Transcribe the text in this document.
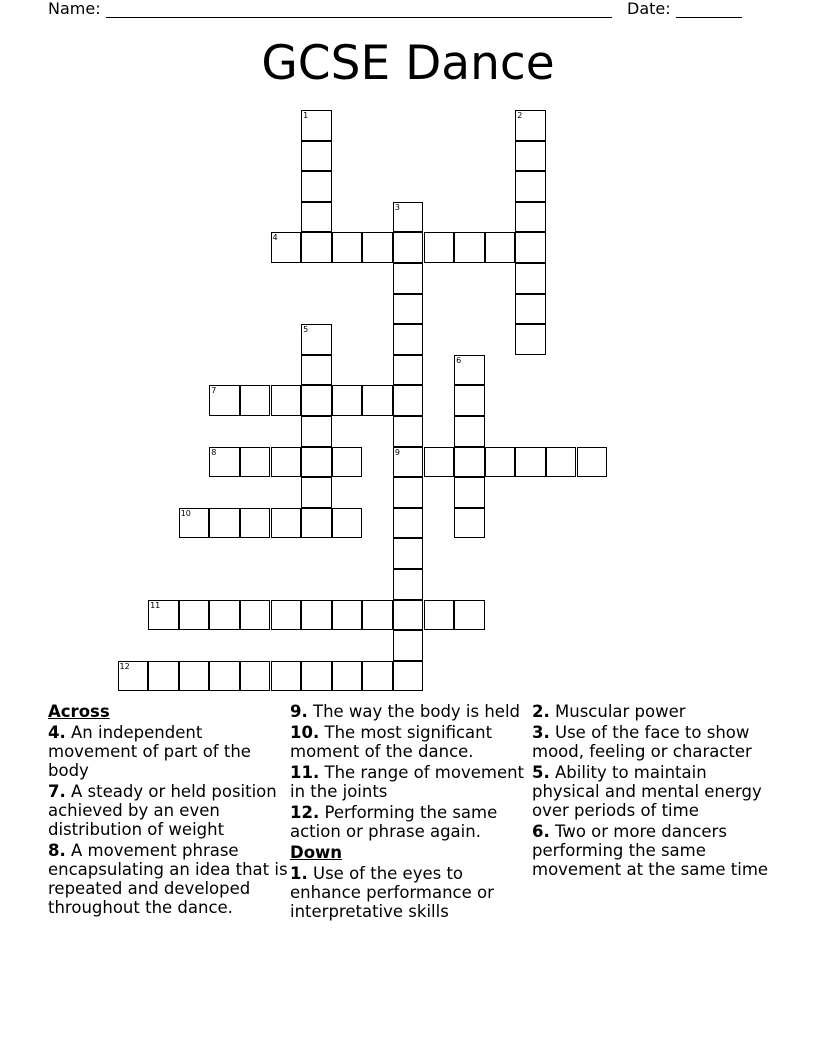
Name:	Date:
GCSE Dance
1	2
3
9
4
5
6
7
8
10
11
12
Across
4. An independent movement of part of the body
7. A steady or held position achieved by an even distribution of weight
8. A movement phrase encapsulating an idea that is repeated and developed throughout the dance.
9. The way the body is held
10. The most significant moment of the dance.
11. The range of movement in the joints
12. Performing the same action or phrase again.
Down
1. Use of the eyes to enhance performance or interpretative skills
2. Muscular power
3. Use of the face to show mood, feeling or character
5. Ability to maintain physical and mental energy over periods of time
6. Two or more dancers performing the same movement at the same time
